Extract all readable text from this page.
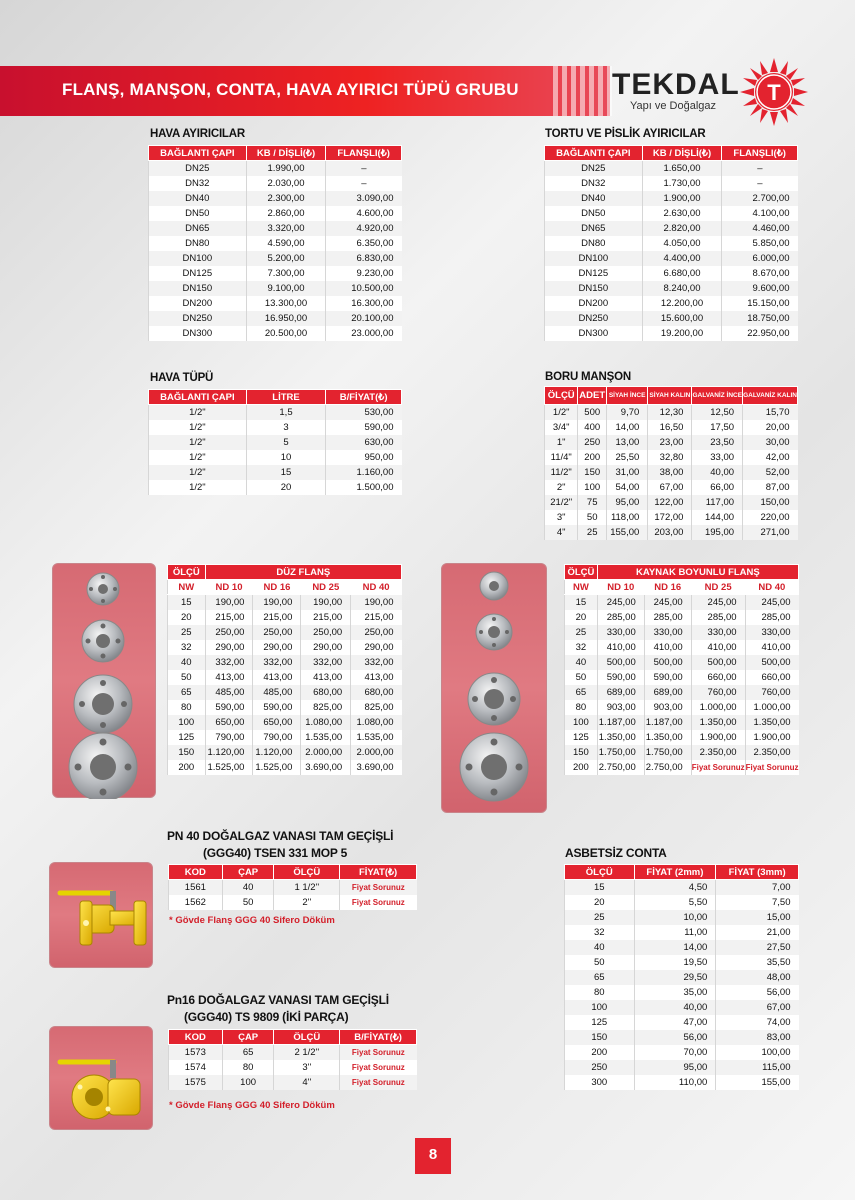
FLANŞ, MANŞON, CONTA, HAVA AYIRICI TÜPÜ GRUBU	TEKDAL
Yapı ve Doğalgaz
T
HAVA AYIRICILAR
BAĞLANTI ÇAPI	KB / DİŞLİ(₺)	FLANŞLI(₺)
DN25	1.990,00	–
DN32	2.030,00	–
DN40	2.300,00	3.090,00
DN50	2.860,00	4.600,00
DN65	3.320,00	4.920,00
DN80	4.590,00	6.350,00
DN100	5.200,00	6.830,00
DN125	7.300,00	9.230,00
DN150	9.100,00	10.500,00
DN200	13.300,00	16.300,00
DN250	16.950,00	20.100,00
DN300	20.500,00	23.000,00
TORTU VE PİSLİK AYIRICILAR
BAĞLANTI ÇAPI	KB / DİŞLİ(₺)	FLANŞLI(₺)
DN25	1.650,00	–
DN32	1.730,00	–
DN40	1.900,00	2.700,00
DN50	2.630,00	4.100,00
DN65	2.820,00	4.460,00
DN80	4.050,00	5.850,00
DN100	4.400,00	6.000,00
DN125	6.680,00	8.670,00
DN150	8.240,00	9.600,00
DN200	12.200,00	15.150,00
DN250	15.600,00	18.750,00
DN300	19.200,00	22.950,00
HAVA TÜPÜ
BAĞLANTI ÇAPI	LİTRE	B/FİYAT(₺)
1/2"	1,5	530,00
1/2"	3	590,00
1/2"	5	630,00
1/2"	10	950,00
1/2"	15	1.160,00
1/2"	20	1.500,00
BORU MANŞON
ÖLÇÜ	ADET	SİYAH İNCE	SİYAH KALIN	GALVANİZ İNCE	GALVANİZ KALIN
1/2"	500	9,70	12,30	12,50	15,70
3/4"	400	14,00	16,50	17,50	20,00
1"	250	13,00	23,00	23,50	30,00
11/4"	200	25,50	32,80	33,00	42,00
11/2"	150	31,00	38,00	40,00	52,00
2"	100	54,00	67,00	66,00	87,00
21/2"	75	95,00	122,00	117,00	150,00
3"	50	118,00	172,00	144,00	220,00
4"	25	155,00	203,00	195,00	271,00
ÖLÇÜ	DÜZ FLANŞ			
NW	ND 10	ND 16	ND 25	ND 40
15	190,00	190,00	190,00	190,00
20	215,00	215,00	215,00	215,00
25	250,00	250,00	250,00	250,00
32	290,00	290,00	290,00	290,00
40	332,00	332,00	332,00	332,00
50	413,00	413,00	413,00	413,00
65	485,00	485,00	680,00	680,00
80	590,00	590,00	825,00	825,00
100	650,00	650,00	1.080,00	1.080,00
125	790,00	790,00	1.535,00	1.535,00
150	1.120,00	1.120,00	2.000,00	2.000,00
200	1.525,00	1.525,00	3.690,00	3.690,00
ÖLÇÜ	KAYNAK BOYUNLU FLANŞ			
NW	ND 10	ND 16	ND 25	ND 40
15	245,00	245,00	245,00	245,00
20	285,00	285,00	285,00	285,00
25	330,00	330,00	330,00	330,00
32	410,00	410,00	410,00	410,00
40	500,00	500,00	500,00	500,00
50	590,00	590,00	660,00	660,00
65	689,00	689,00	760,00	760,00
80	903,00	903,00	1.000,00	1.000,00
100	1.187,00	1.187,00	1.350,00	1.350,00
125	1.350,00	1.350,00	1.900,00	1.900,00
150	1.750,00	1.750,00	2.350,00	2.350,00
200	2.750,00	2.750,00	Fiyat Sorunuz	Fiyat Sorunuz
PN 40 DOĞALGAZ VANASI TAM GEÇİŞLİ
(GGG40) TSEN 331 MOP 5
KOD	ÇAP	ÖLÇÜ	FİYAT(₺)
1561	40	1 1/2''	Fiyat Sorunuz
1562	50	2''	Fiyat Sorunuz
* Gövde Flanş GGG 40 Sifero Döküm
Pn16 DOĞALGAZ VANASI TAM GEÇİŞLİ
(GGG40) TS 9809 (İKİ PARÇA)
KOD	ÇAP	ÖLÇÜ	B/FİYAT(₺)
1573	65	2 1/2''	Fiyat Sorunuz
1574	80	3''	Fiyat Sorunuz
1575	100	4''	Fiyat Sorunuz
* Gövde Flanş GGG 40 Sifero Döküm
ASBETSİZ CONTA
ÖLÇÜ	FİYAT (2mm)	FİYAT (3mm)
15	4,50	7,00
20	5,50	7,50
25	10,00	15,00
32	11,00	21,00
40	14,00	27,50
50	19,50	35,50
65	29,50	48,00
80	35,00	56,00
100	40,00	67,00
125	47,00	74,00
150	56,00	83,00
200	70,00	100,00
250	95,00	115,00
300	110,00	155,00
8
